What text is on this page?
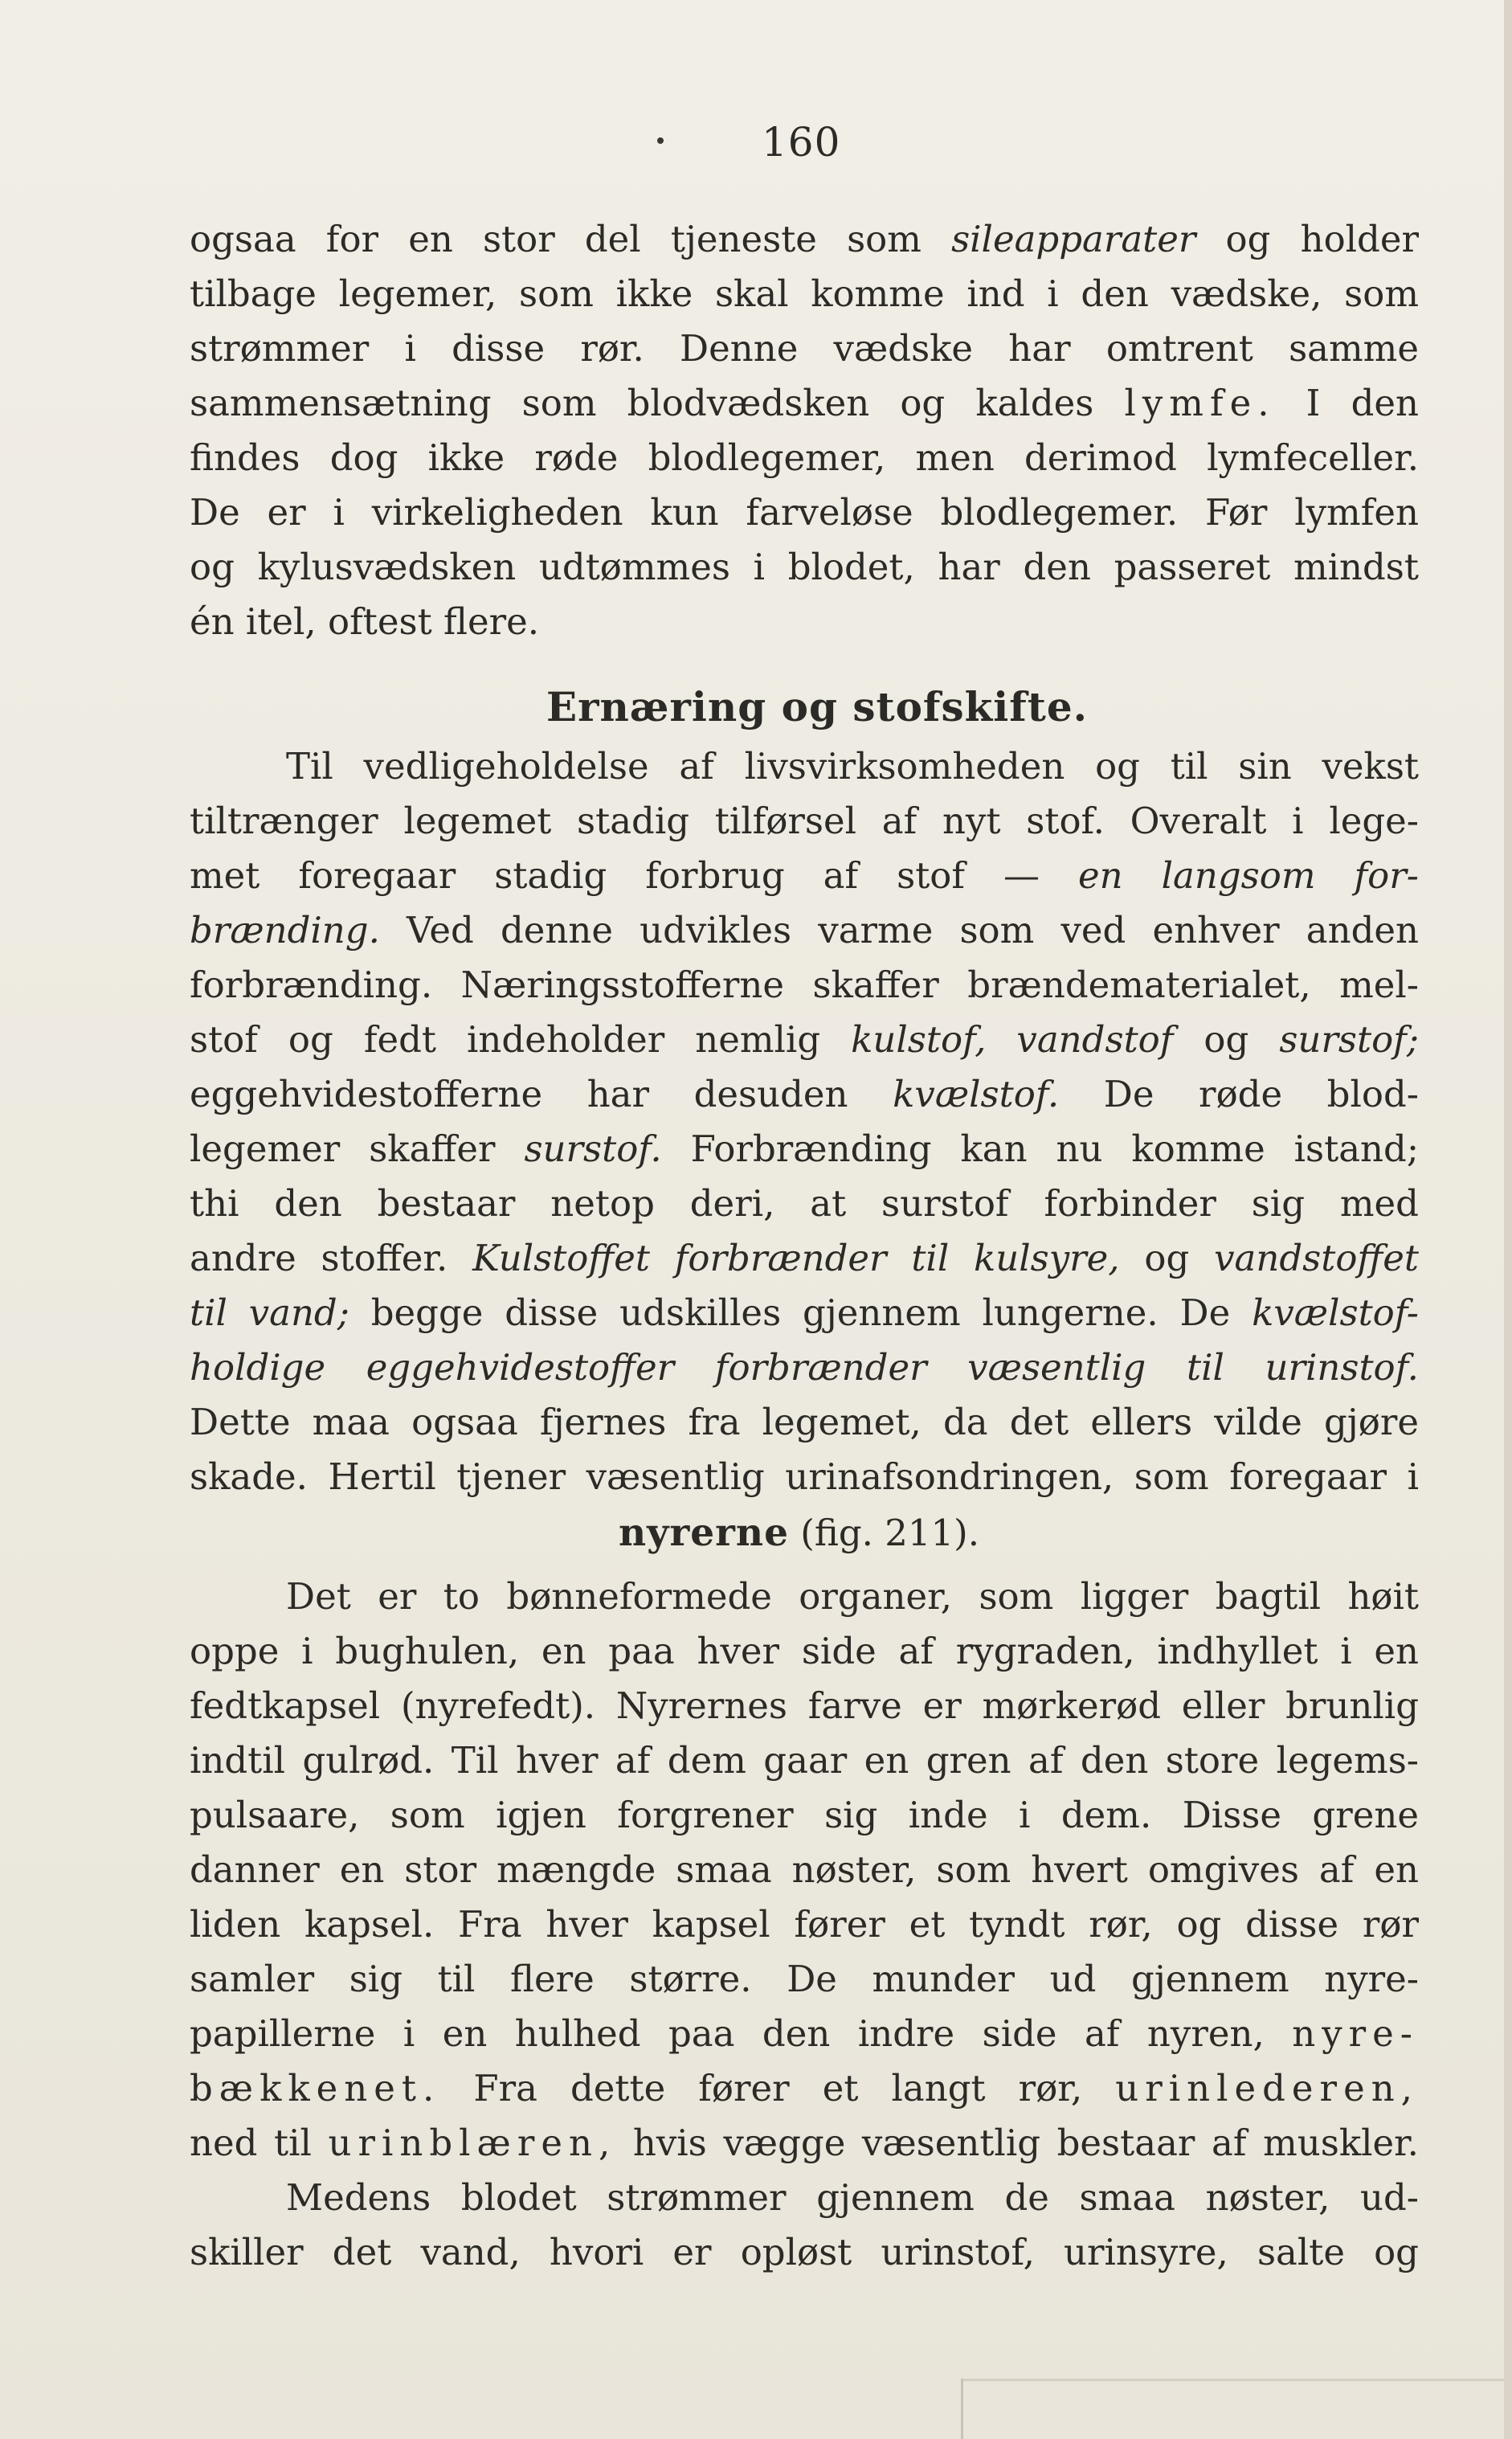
160

ogsaa for en stor del tjeneste som sileapparater og holder
tilbage legemer, som ikke skal komme ind i den vædske, som
strømmer i disse rør. Denne vædske har omtrent samme
sammensætning som blodvædsken og kaldes lymfe. I den
findes dog ikke røde blodlegemer, men derimod lymfeceller.
De er i virkeligheden kun farveløse blodlegemer. Før lymfen
og kylusvædsken udtømmes i blodet, har den passeret mindst
én itel, oftest flere.
Ernæring og stofskifte.
Til vedligeholdelse af livsvirksomheden og til sin vekst
tiltrænger legemet stadig tilførsel af nyt stof. Overalt i lege-
met foregaar stadig forbrug af stof — en langsom for-
brænding. Ved denne udvikles varme som ved enhver anden
forbrænding. Næringsstofferne skaffer brændematerialet, mel-
stof og fedt indeholder nemlig kulstof, vandstof og surstof;
eggehvidestofferne har desuden kvælstof. De røde blod-
legemer skaffer surstof. Forbrænding kan nu komme istand;
thi den bestaar netop deri, at surstof forbinder sig med
andre stoffer. Kulstoffet forbrænder til kulsyre, og vandstoffet
til vand; begge disse udskilles gjennem lungerne. De kvælstof-
holdige eggehvidestoffer forbrænder væsentlig til urinstof.
Dette maa ogsaa fjernes fra legemet, da det ellers vilde gjøre
skade. Hertil tjener væsentlig urinafsondringen, som foregaar i

nyrerne (fig. 211).

Det er to bønneformede organer, som ligger bagtil høit
oppe i bughulen, en paa hver side af rygraden, indhyllet i en
fedtkapsel (nyrefedt). Nyrernes farve er mørkerød eller brunlig
indtil gulrød. Til hver af dem gaar en gren af den store legems-
pulsaare, som igjen forgrener sig inde i dem. Disse grene
danner en stor mængde smaa nøster, som hvert omgives af en
liden kapsel. Fra hver kapsel fører et tyndt rør, og disse rør
samler sig til flere større. De munder ud gjennem nyre-
papillerne i en hulhed paa den indre side af nyren, nyre-
bækkenet. Fra dette fører et langt rør, urinlederen,
ned til urinblæren, hvis vægge væsentlig bestaar af muskler.
Medens blodet strømmer gjennem de smaa nøster, ud-
skiller det vand, hvori er opløst urinstof, urinsyre, salte og
